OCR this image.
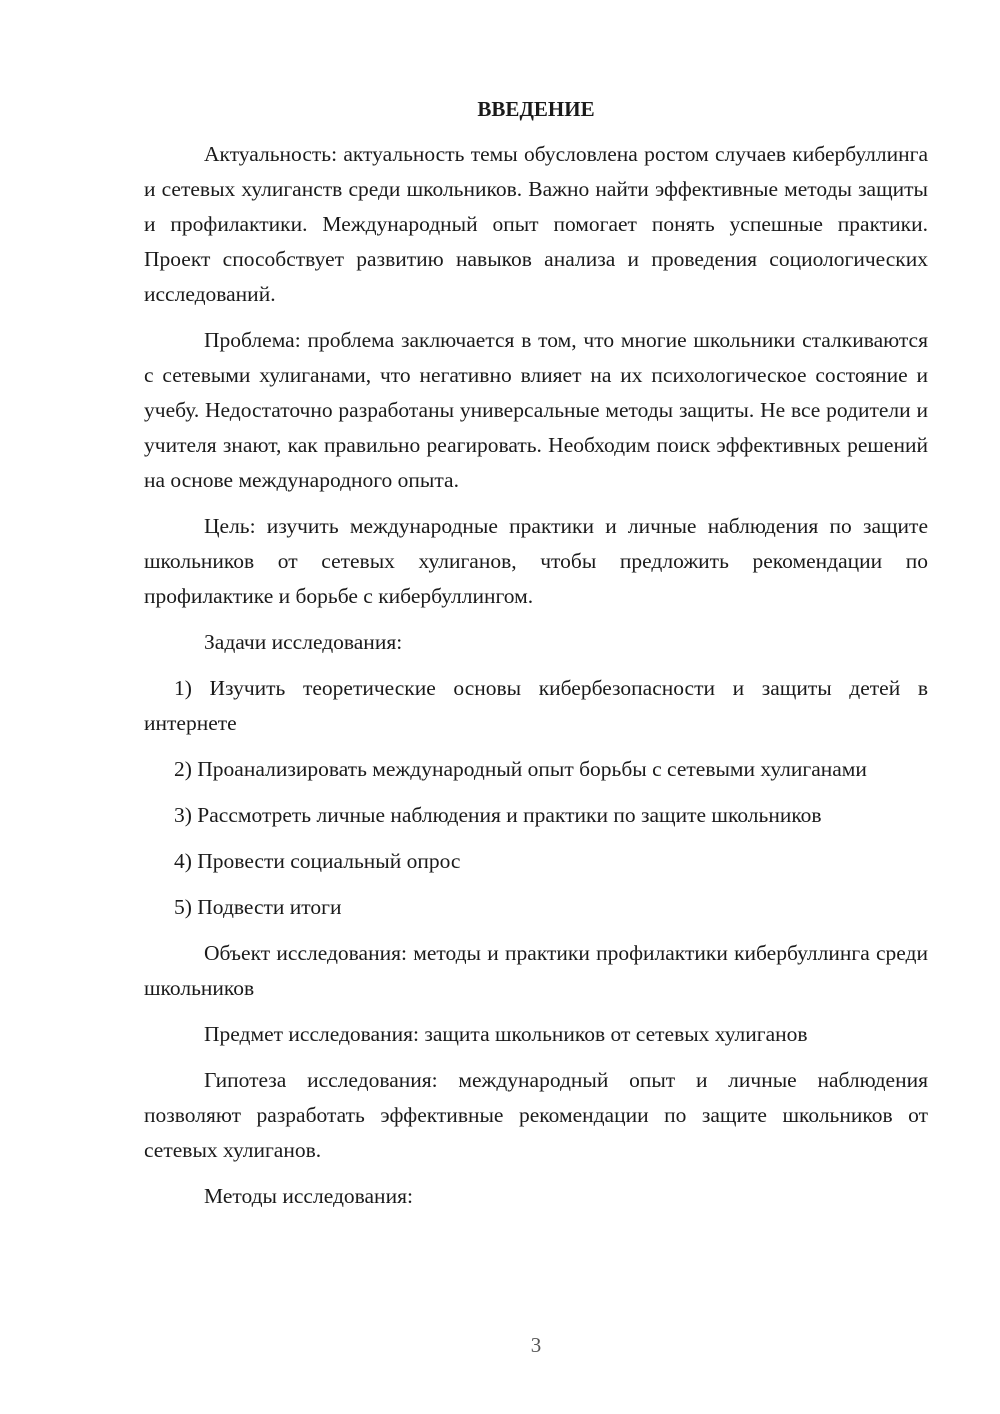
ВВЕДЕНИЕ

Актуальность: актуальность темы обусловлена ростом случаев кибербуллинга и сетевых хулиганств среди школьников. Важно найти эффективные методы защиты и профилактики. Международный опыт помогает понять успешные практики. Проект способствует развитию навыков анализа и проведения социологических исследований.

Проблема: проблема заключается в том, что многие школьники сталкиваются с сетевыми хулиганами, что негативно влияет на их психологическое состояние и учебу. Недостаточно разработаны универсальные методы защиты. Не все родители и учителя знают, как правильно реагировать. Необходим поиск эффективных решений на основе международного опыта.

Цель: изучить международные практики и личные наблюдения по защите школьников от сетевых хулиганов, чтобы предложить рекомендации по профилактике и борьбе с кибербуллингом.

Задачи исследования:

1) Изучить теоретические основы кибербезопасности и защиты детей в интернете

2) Проанализировать международный опыт борьбы с сетевыми хулиганами

3) Рассмотреть личные наблюдения и практики по защите школьников

4) Провести социальный опрос

5) Подвести итоги

Объект исследования: методы и практики профилактики кибербуллинга среди школьников

Предмет исследования: защита школьников от сетевых хулиганов

Гипотеза исследования: международный опыт и личные наблюдения позволяют разработать эффективные рекомендации по защите школьников от сетевых хулиганов.

Методы исследования:

3
